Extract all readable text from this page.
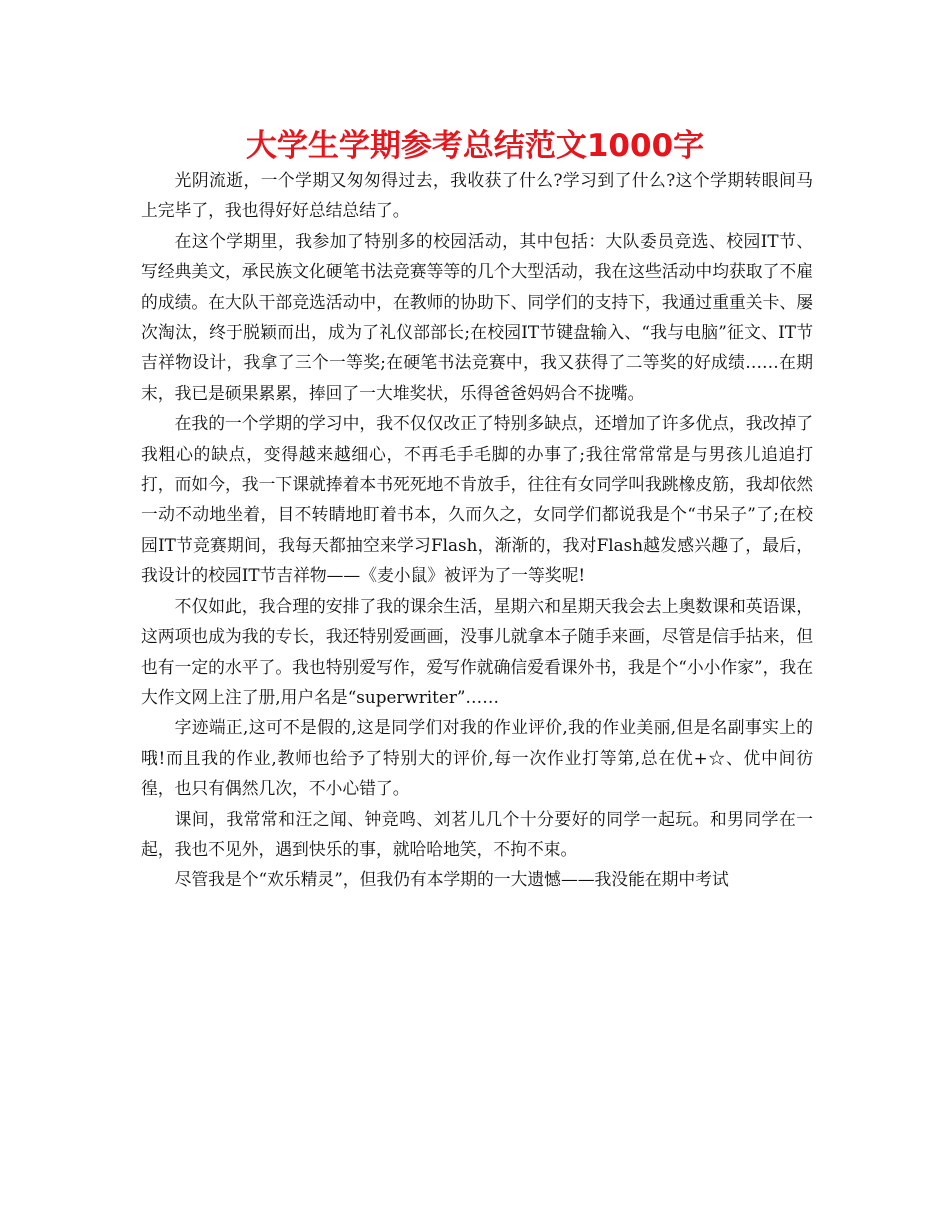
大学生学期参考总结范文1000字

光阴流逝，一个学期又匆匆得过去，我收获了什么?学习到了什么?这个学期转眼间马上完毕了，我也得好好总结总结了。

在这个学期里，我参加了特别多的校园活动，其中包括：大队委员竞选、校园IT节、写经典美文，承民族文化硬笔书法竞赛等等的几个大型活动，我在这些活动中均获取了不雇的成绩。在大队干部竞选活动中，在教师的协助下、同学们的支持下，我通过重重关卡、屡次淘汰，终于脱颖而出，成为了礼仪部部长;在校园IT节键盘输入、“我与电脑”征文、IT节吉祥物设计，我拿了三个一等奖;在硬笔书法竞赛中，我又获得了二等奖的好成绩……在期末，我已是硕果累累，捧回了一大堆奖状，乐得爸爸妈妈合不拢嘴。

在我的一个学期的学习中，我不仅仅改正了特别多缺点，还增加了许多优点，我改掉了我粗心的缺点，变得越来越细心，不再毛手毛脚的办事了;我往常常常是与男孩儿追追打打，而如今，我一下课就捧着本书死死地不肯放手，往往有女同学叫我跳橡皮筋，我却依然一动不动地坐着，目不转睛地盯着书本，久而久之，女同学们都说我是个“书呆子”了;在校园IT节竞赛期间，我每天都抽空来学习Flash，渐渐的，我对Flash越发感兴趣了，最后，我设计的校园IT节吉祥物——《麦小鼠》被评为了一等奖呢!

不仅如此，我合理的安排了我的课余生活，星期六和星期天我会去上奥数课和英语课，这两项也成为我的专长，我还特别爱画画，没事儿就拿本子随手来画，尽管是信手拈来，但也有一定的水平了。我也特别爱写作，爱写作就确信爱看课外书，我是个“小小作家”，我在大作文网上注了册,用户名是“superwriter”……

字迹端正,这可不是假的,这是同学们对我的作业评价,我的作业美丽,但是名副事实上的哦!而且我的作业,教师也给予了特别大的评价,每一次作业打等第,总在优+☆、优中间彷徨，也只有偶然几次，不小心错了。

课间，我常常和汪之闻、钟竞鸣、刘茗儿几个十分要好的同学一起玩。和男同学在一起，我也不见外，遇到快乐的事，就哈哈地笑，不拘不束。

尽管我是个“欢乐精灵”，但我仍有本学期的一大遗憾——我没能在期中考试
